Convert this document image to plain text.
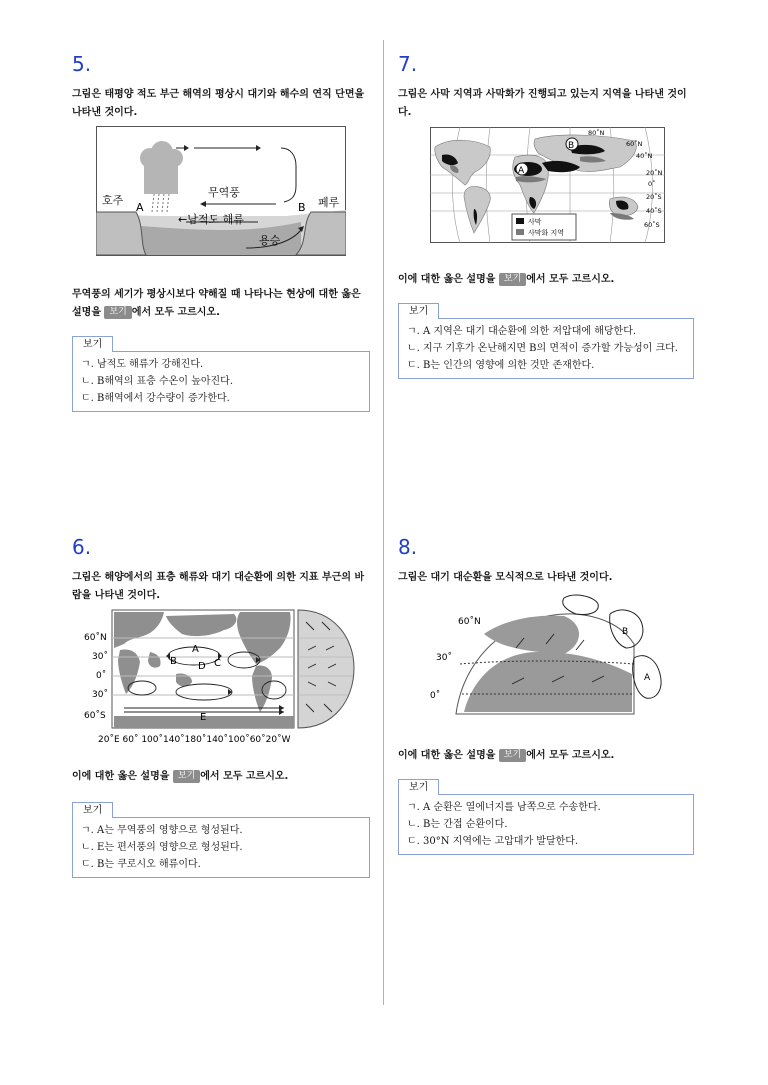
5.

그림은 태평양 적도 부근 해역의 평상시 대기와 해수의 연직 단면을 나타낸 것이다.

호주
A
무역풍
B 페루
←남적도 해류
용승
무역풍의 세기가 평상시보다 약해질 때 나타나는 현상에 대한 옳은 설명을 보기 에서 모두 고르시오.
보기
ㄱ. 남적도 해류가 강해진다.
ㄴ. B해역의 표층 수온이 높아진다.
ㄷ. B해역에서 강수량이 증가한다.
7.

그림은 사막 지역과 사막화가 진행되고 있는지 지역을 나타낸 것이다.

A
B
80˚N
60˚N
40˚N
20˚N
0˚
20˚S
40˚S
60˚S
사막
사막화 지역
이에 대한 옳은 설명을 보기 에서 모두 고르시오.
보기
ㄱ. A 지역은 대기 대순환에 의한 저압대에 해당한다.
ㄴ. 지구 기후가 온난해지면 B의 면적이 증가할 가능성이 크다.
ㄷ. B는 인간의 영향에 의한 것만 존재한다.
6.

그림은 해양에서의 표층 해류와 대기 대순환에 의한 지표 부근의 바람을 나타낸 것이다.

A
B	C
D
E
60˚N
30˚
0˚
30˚
60˚S
20˚E 60˚ 100˚140˚180˚140˚100˚60˚20˚W
이에 대한 옳은 설명을 보기 에서 모두 고르시오.
보기
ㄱ. A는 무역풍의 영향으로 형성된다.
ㄴ. E는 편서풍의 영향으로 형성된다.
ㄷ. B는 쿠로시오 해류이다.
8.

그림은 대기 대순환을 모식적으로 나타낸 것이다.

60˚N
30˚
0˚
B
A
이에 대한 옳은 설명을 보기 에서 모두 고르시오.
보기
ㄱ. A 순환은 열에너지를 남쪽으로 수송한다.
ㄴ. B는 간접 순환이다.
ㄷ. 30°N 지역에는 고압대가 발달한다.
